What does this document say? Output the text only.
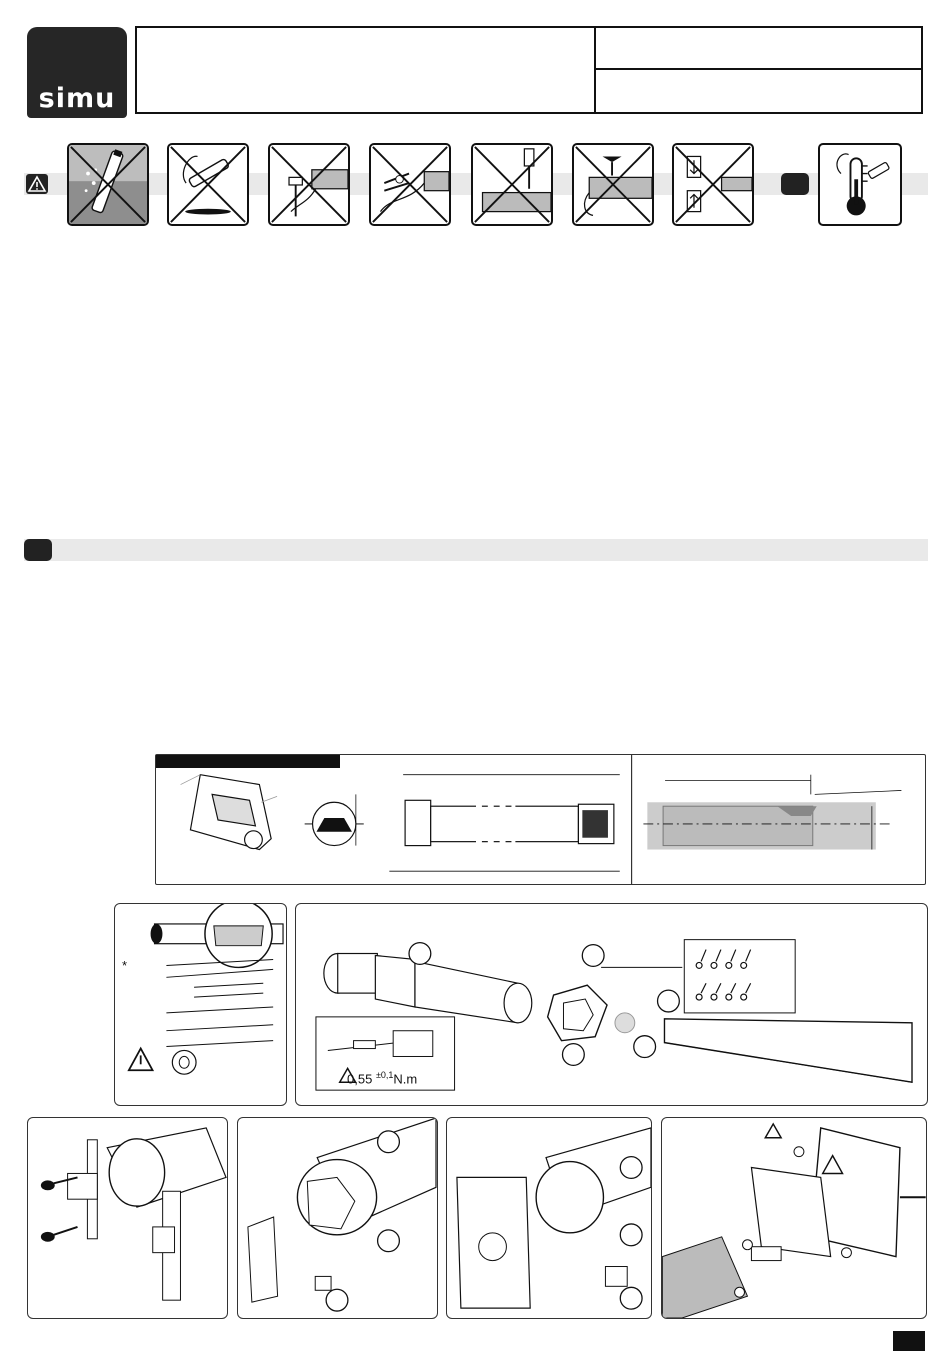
simu
*
0,55 $^{\pm 0,1}$N.m
